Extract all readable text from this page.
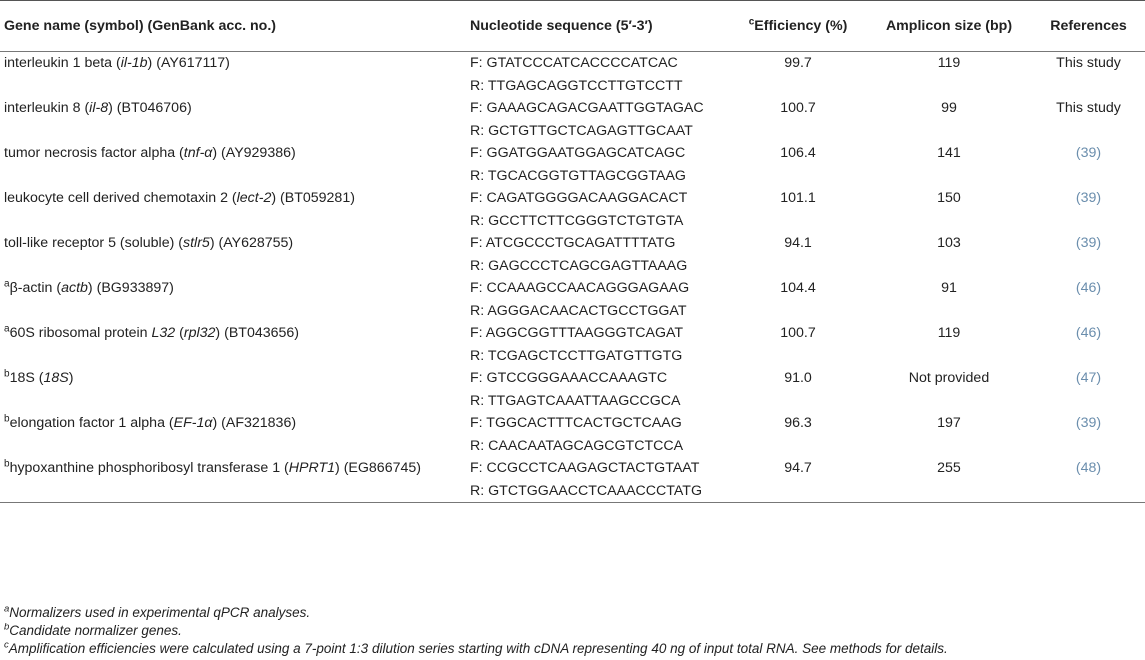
Gene name (symbol) (GenBank acc. no.)	Nucleotide sequence (5′-3′)	$^c$Efficiency (%)	Amplicon size (bp)	References
interleukin 1 beta (il-1b) (AY617117)	F: GTATCCCATCACCCCATCAC	99.7	119	This study
	R: TTGAGCAGGTCCTTGTCCTT			
interleukin 8 (il-8) (BT046706)	F: GAAAGCAGACGAATTGGTAGAC	100.7	99	This study
	R: GCTGTTGCTCAGAGTTGCAAT			
tumor necrosis factor alpha (tnf-α) (AY929386)	F: GGATGGAATGGAGCATCAGC	106.4	141	(39)
	R: TGCACGGTGTTAGCGGTAAG			
leukocyte cell derived chemotaxin 2 (lect-2) (BT059281)	F: CAGATGGGGACAAGGACACT	101.1	150	(39)
	R: GCCTTCTTCGGGTCTGTGTA			
toll-like receptor 5 (soluble) (stlr5) (AY628755)	F: ATCGCCCTGCAGATTTTATG	94.1	103	(39)
	R: GAGCCCTCAGCGAGTTAAAG			
$^a$β-actin (actb) (BG933897)	F: CCAAAGCCAACAGGGAGAAG	104.4	91	(46)
	R: AGGGACAACACTGCCTGGAT			
$^a$60S ribosomal protein L32 (rpl32) (BT043656)	F: AGGCGGTTTAAGGGTCAGAT	100.7	119	(46)
	R: TCGAGCTCCTTGATGTTGTG			
$^b$18S (18S)	F: GTCCGGGAAACCAAAGTC	91.0	Not provided	(47)
	R: TTGAGTCAAATTAAGCCGCA			
$^b$elongation factor 1 alpha (EF-1α) (AF321836)	F: TGGCACTTTCACTGCTCAAG	96.3	197	(39)
	R: CAACAATAGCAGCGTCTCCA			
$^b$hypoxanthine phosphoribosyl transferase 1 (HPRT1) (EG866745)	F: CCGCCTCAAGAGCTACTGTAAT	94.7	255	(48)
	R: GTCTGGAACCTCAAACCCTATG			
$^a$Normalizers used in experimental qPCR analyses.
$^b$Candidate normalizer genes.
$^c$Amplification efficiencies were calculated using a 7-point 1:3 dilution series starting with cDNA representing 40 ng of input total RNA. See methods for details.
